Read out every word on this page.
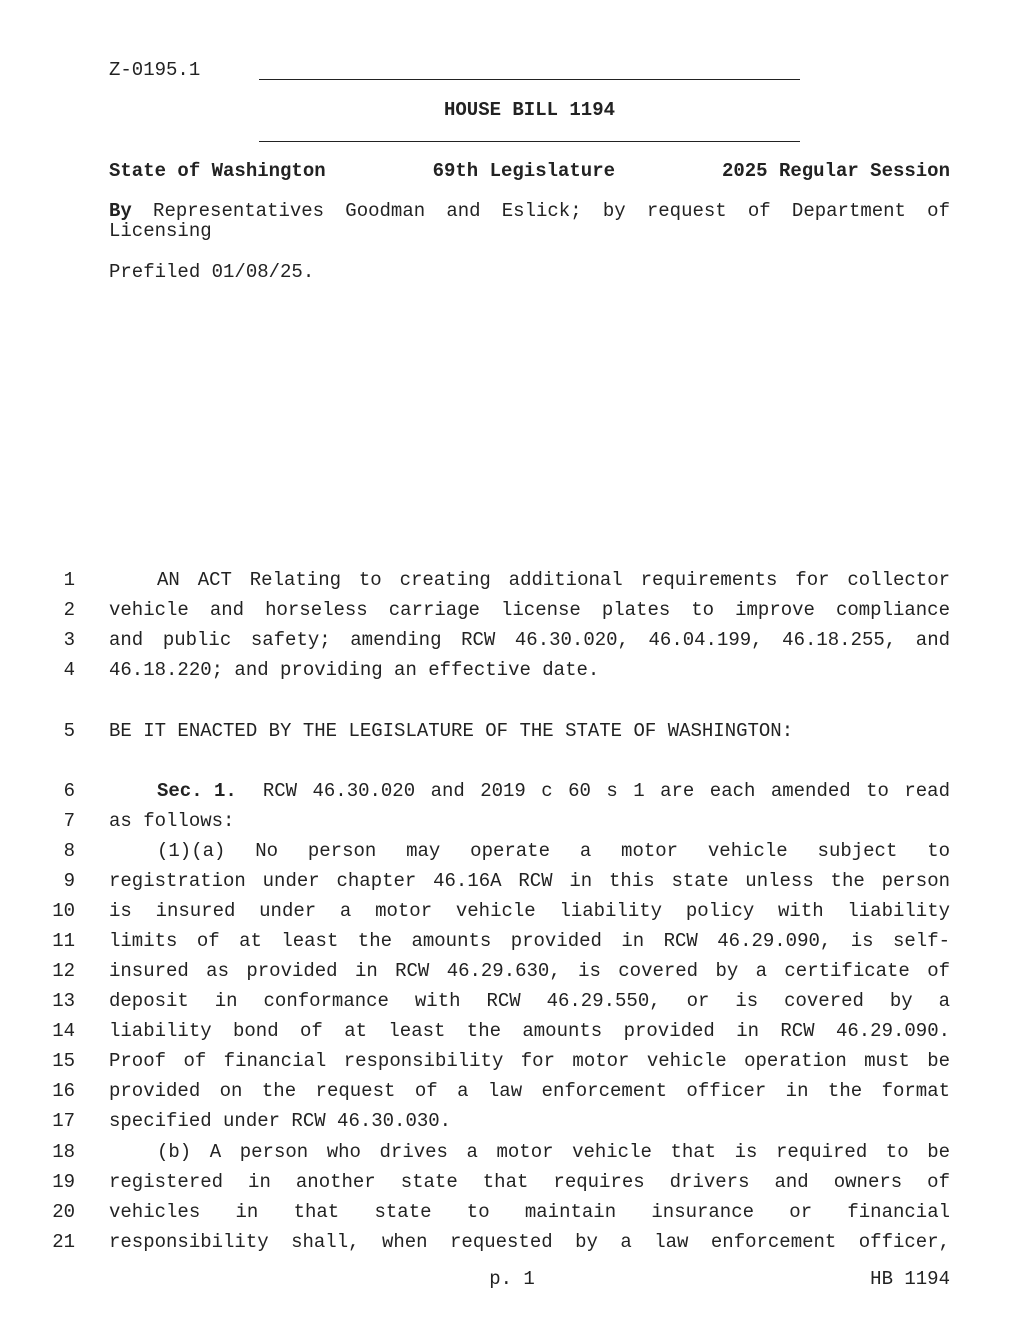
Z-0195.1
HOUSE BILL 1194
State of Washington	69th Legislature	2025 Regular Session
By Representatives Goodman and Eslick; by request of Department of Licensing
Prefiled 01/08/25.
1	AN ACT Relating to creating additional requirements for collector
2 vehicle and horseless carriage license plates to improve compliance
3 and public safety; amending RCW 46.30.020, 46.04.199, 46.18.255, and
4 46.18.220; and providing an effective date.
5 BE IT ENACTED BY THE LEGISLATURE OF THE STATE OF WASHINGTON:
6	Sec. 1. RCW 46.30.020 and 2019 c 60 s 1 are each amended to read
7 as follows:
8	(1)(a) No person may operate a motor vehicle subject to
9 registration under chapter 46.16A RCW in this state unless the person
10 is insured under a motor vehicle liability policy with liability
11 limits of at least the amounts provided in RCW 46.29.090, is self-
12 insured as provided in RCW 46.29.630, is covered by a certificate of
13 deposit in conformance with RCW 46.29.550, or is covered by a
14 liability bond of at least the amounts provided in RCW 46.29.090.
15 Proof of financial responsibility for motor vehicle operation must be
16 provided on the request of a law enforcement officer in the format
17 specified under RCW 46.30.030.
18	(b) A person who drives a motor vehicle that is required to be
19 registered in another state that requires drivers and owners of
20 vehicles in that state to maintain insurance or financial
21 responsibility shall, when requested by a law enforcement officer,
p. 1	HB 1194
